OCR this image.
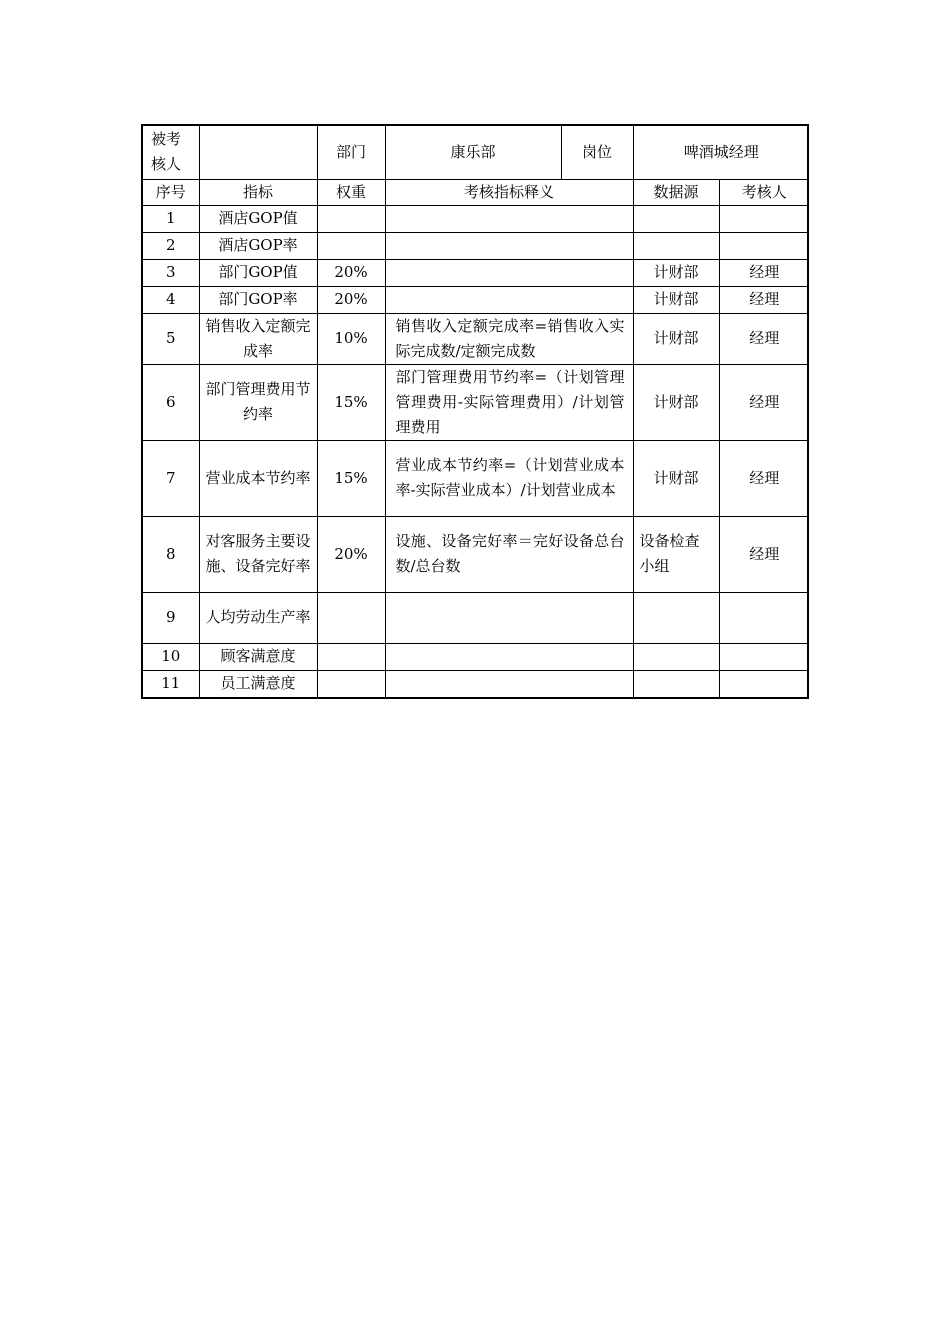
被考核人		部门	康乐部	岗位	啤酒城经理	
序号	指标	权重	考核指标释义		数据源	考核人
1	酒店GOP值					
2	酒店GOP率					
3	部门GOP值	20%			计财部	经理
4	部门GOP率	20%			计财部	经理
5	销售收入定额完成率	10%	销售收入定额完成率=销售收入实际完成数/定额完成数		计财部	经理
6	部门管理费用节约率	15%	部门管理费用节约率=（计划管理管理费用-实际管理费用）/计划管理费用		计财部	经理
7	营业成本节约率	15%	营业成本节约率=（计划营业成本率-实际营业成本）/计划营业成本		计财部	经理
8	对客服务主要设施、设备完好率	20%	设施、设备完好率＝完好设备总台数/总台数		设备检查小组	经理
9	人均劳动生产率					
10	顾客满意度					
11	员工满意度					
